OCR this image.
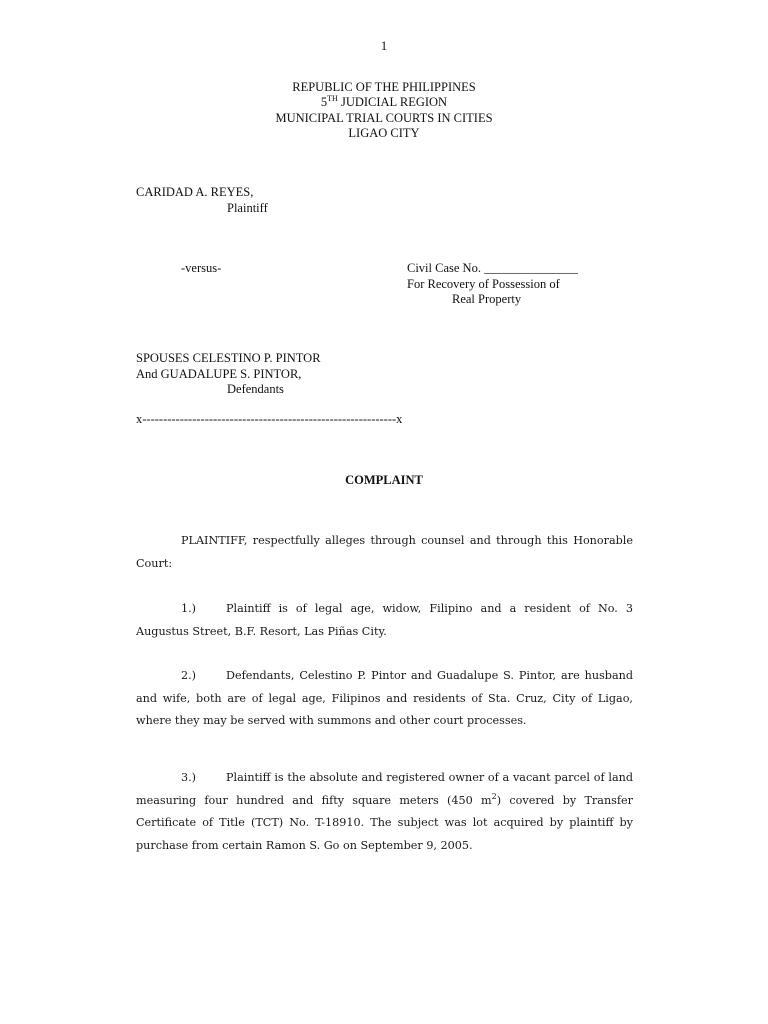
1
REPUBLIC OF THE PHILIPPINES
5TH JUDICIAL REGION
MUNICIPAL TRIAL COURTS IN CITIES
LIGAO CITY
CARIDAD A. REYES,
Plaintiff
-versus-	Civil Case No. _______________
For Recovery of Possession of
Real Property
SPOUSES CELESTINO P. PINTOR
And GUADALUPE S. PINTOR,
Defendants
x-------------------------------------------------------------x
COMPLAINT
PLAINTIFF, respectfully alleges through counsel and through this Honorable Court:
1.)	Plaintiff is of legal age, widow, Filipino and a resident of No. 3 Augustus Street, B.F. Resort, Las Piñas City.
2.)	Defendants, Celestino P. Pintor and Guadalupe S. Pintor, are husband and wife, both are of legal age, Filipinos and residents of Sta. Cruz, City of Ligao, where they may be served with summons and other court processes.
3.)	Plaintiff is the absolute and registered owner of a vacant parcel of land measuring four hundred and fifty square meters (450 $m^2$) covered by Transfer Certificate of Title (TCT) No. T-18910. The subject was lot acquired by plaintiff by purchase from certain Ramon S. Go on September 9, 2005.
